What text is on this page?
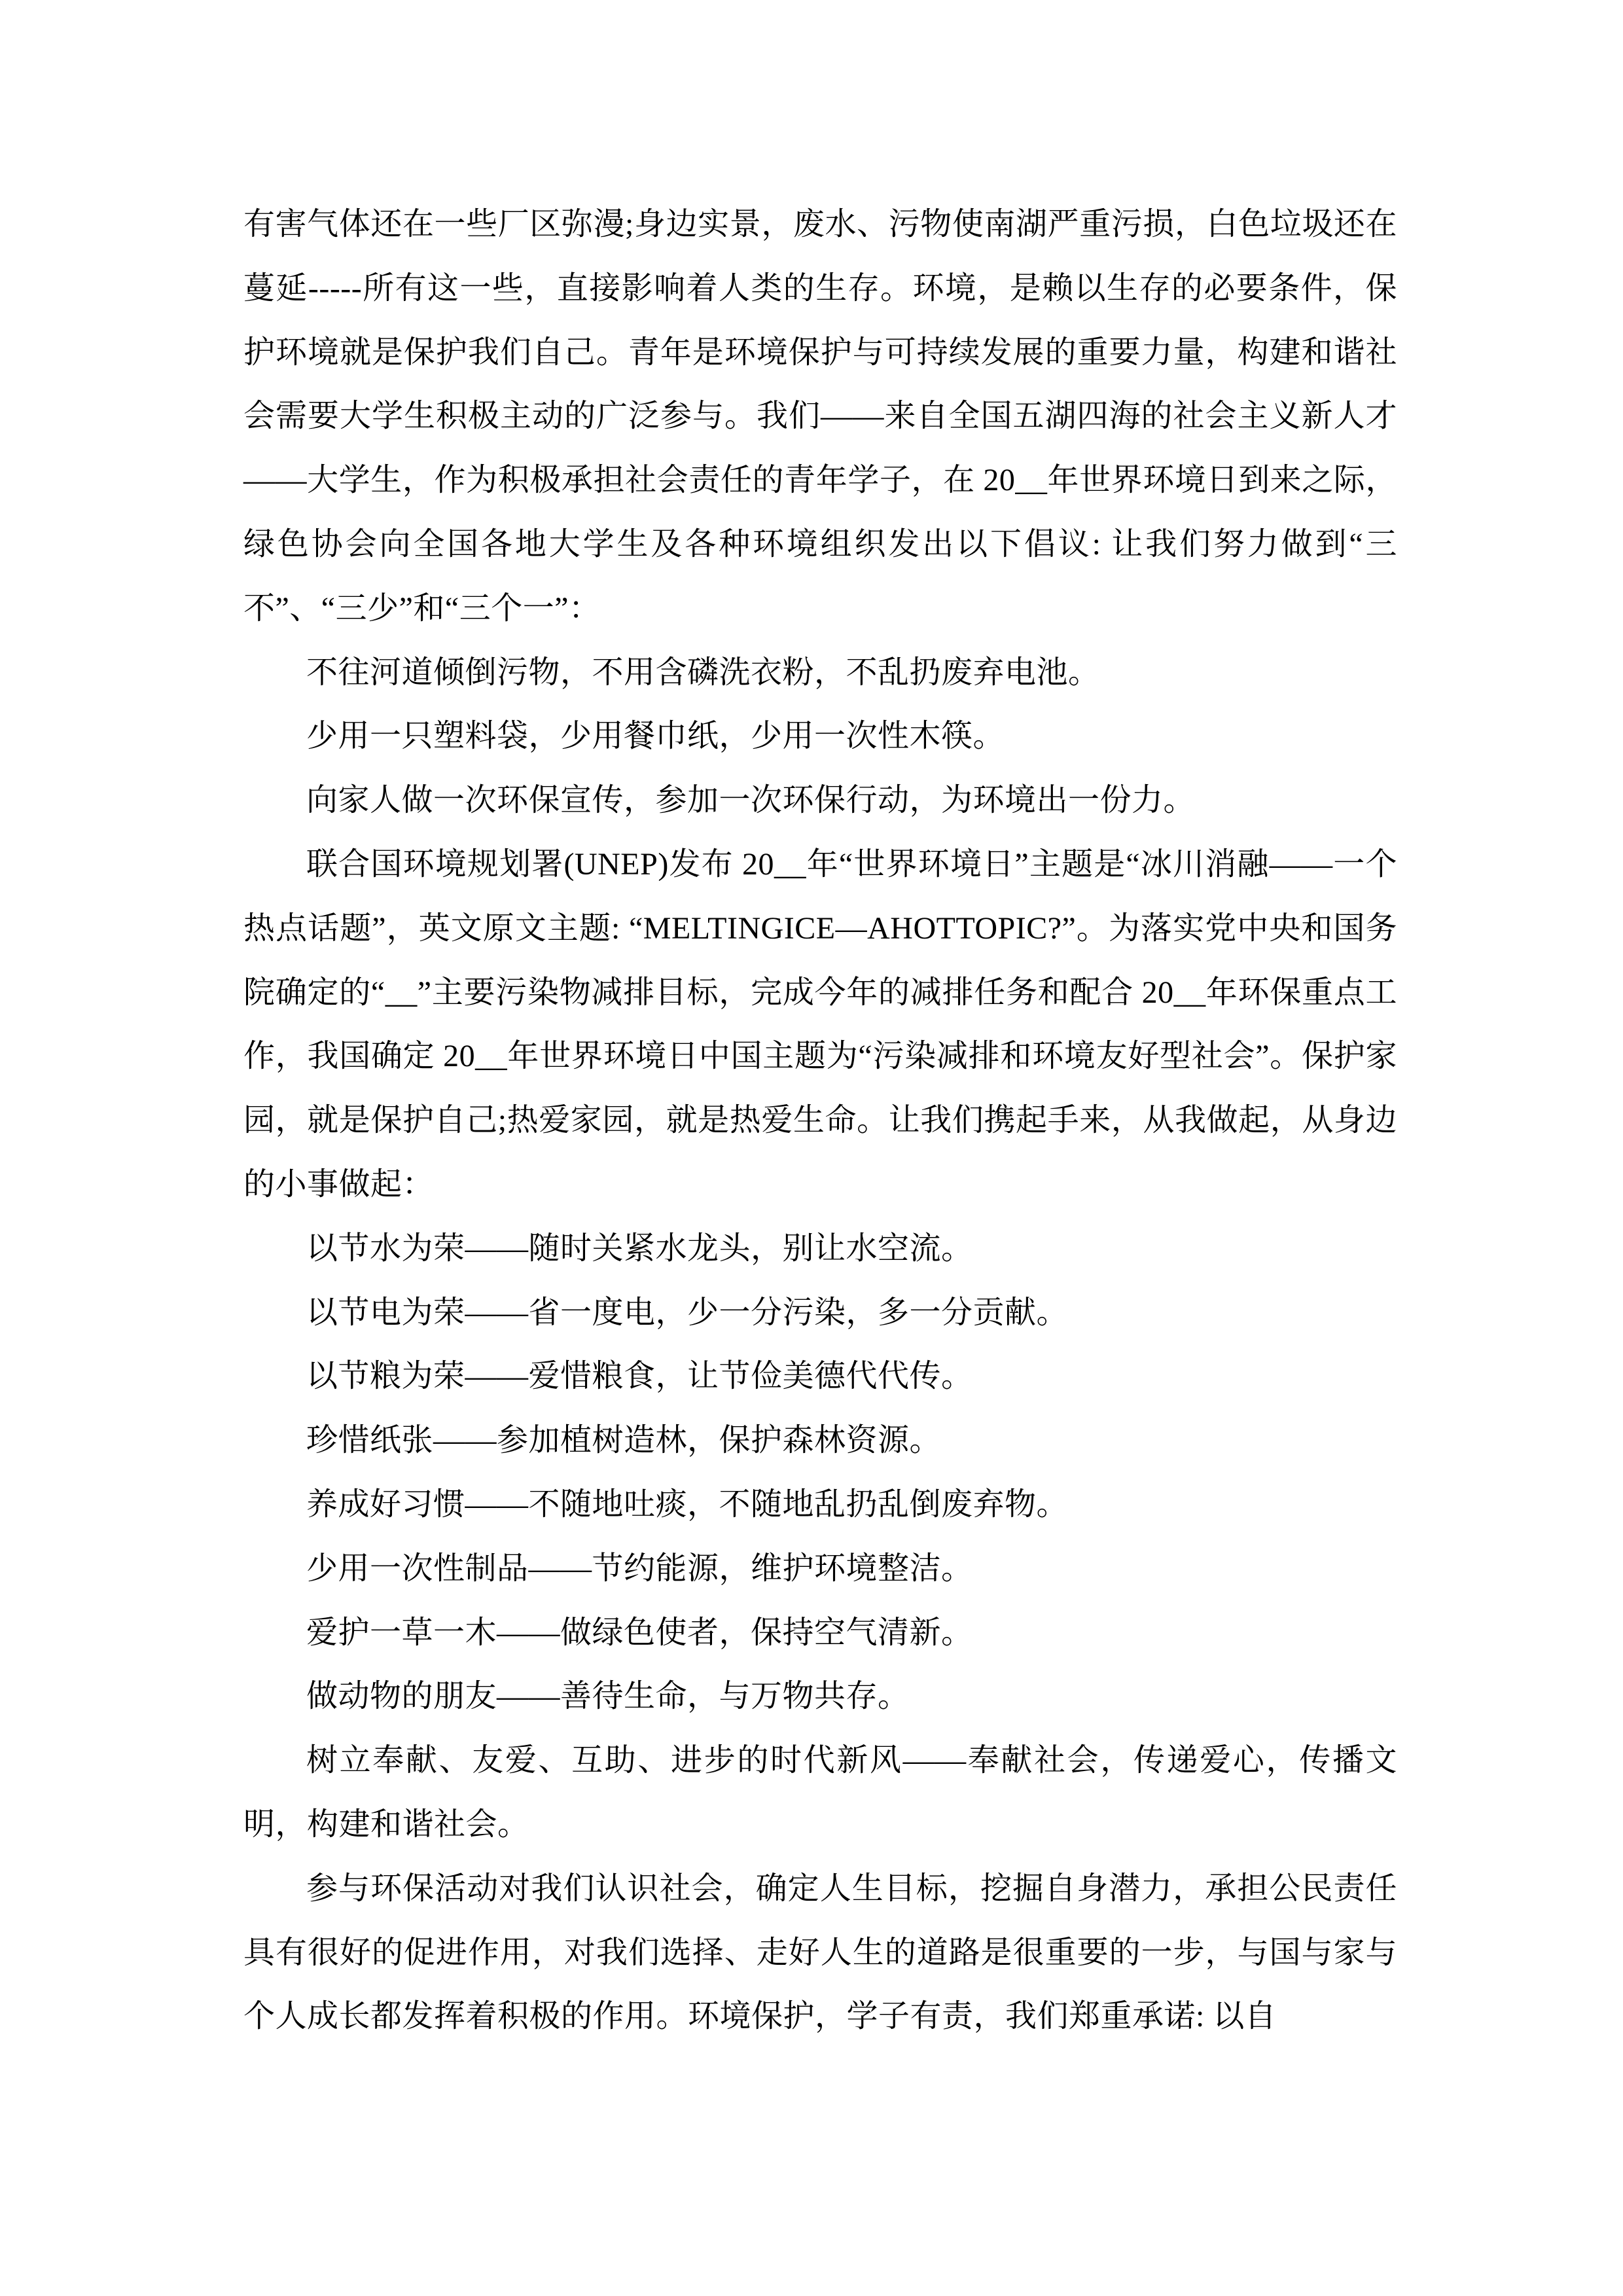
有害气体还在一些厂区弥漫;身边实景，废水、污物使南湖严重污损，白色垃圾还在蔓延-----所有这一些，直接影响着人类的生存。环境，是赖以生存的必要条件，保护环境就是保护我们自己。青年是环境保护与可持续发展的重要力量，构建和谐社会需要大学生积极主动的广泛参与。我们——来自全国五湖四海的社会主义新人才——大学生，作为积极承担社会责任的青年学子，在 20__年世界环境日到来之际，绿色协会向全国各地大学生及各种环境组织发出以下倡议: 让我们努力做到“三不”、“三少”和“三个一”：

不往河道倾倒污物，不用含磷洗衣粉，不乱扔废弃电池。

少用一只塑料袋，少用餐巾纸，少用一次性木筷。

向家人做一次环保宣传，参加一次环保行动，为环境出一份力。

联合国环境规划署(UNEP)发布 20__年“世界环境日”主题是“冰川消融——一个热点话题”，英文原文主题: “MELTINGICE—AHOTTOPIC?”。为落实党中央和国务院确定的“__”主要污染物减排目标，完成今年的减排任务和配合 20__年环保重点工作，我国确定 20__年世界环境日中国主题为“污染减排和环境友好型社会”。保护家园，就是保护自己;热爱家园，就是热爱生命。让我们携起手来，从我做起，从身边的小事做起：

以节水为荣——随时关紧水龙头，别让水空流。

以节电为荣——省一度电，少一分污染，多一分贡献。

以节粮为荣——爱惜粮食，让节俭美德代代传。

珍惜纸张——参加植树造林，保护森林资源。

养成好习惯——不随地吐痰，不随地乱扔乱倒废弃物。

少用一次性制品——节约能源，维护环境整洁。

爱护一草一木——做绿色使者，保持空气清新。

做动物的朋友——善待生命，与万物共存。

树立奉献、友爱、互助、进步的时代新风——奉献社会，传递爱心，传播文明，构建和谐社会。

参与环保活动对我们认识社会，确定人生目标，挖掘自身潜力，承担公民责任具有很好的促进作用，对我们选择、走好人生的道路是很重要的一步，与国与家与个人成长都发挥着积极的作用。环境保护，学子有责，我们郑重承诺: 以自
